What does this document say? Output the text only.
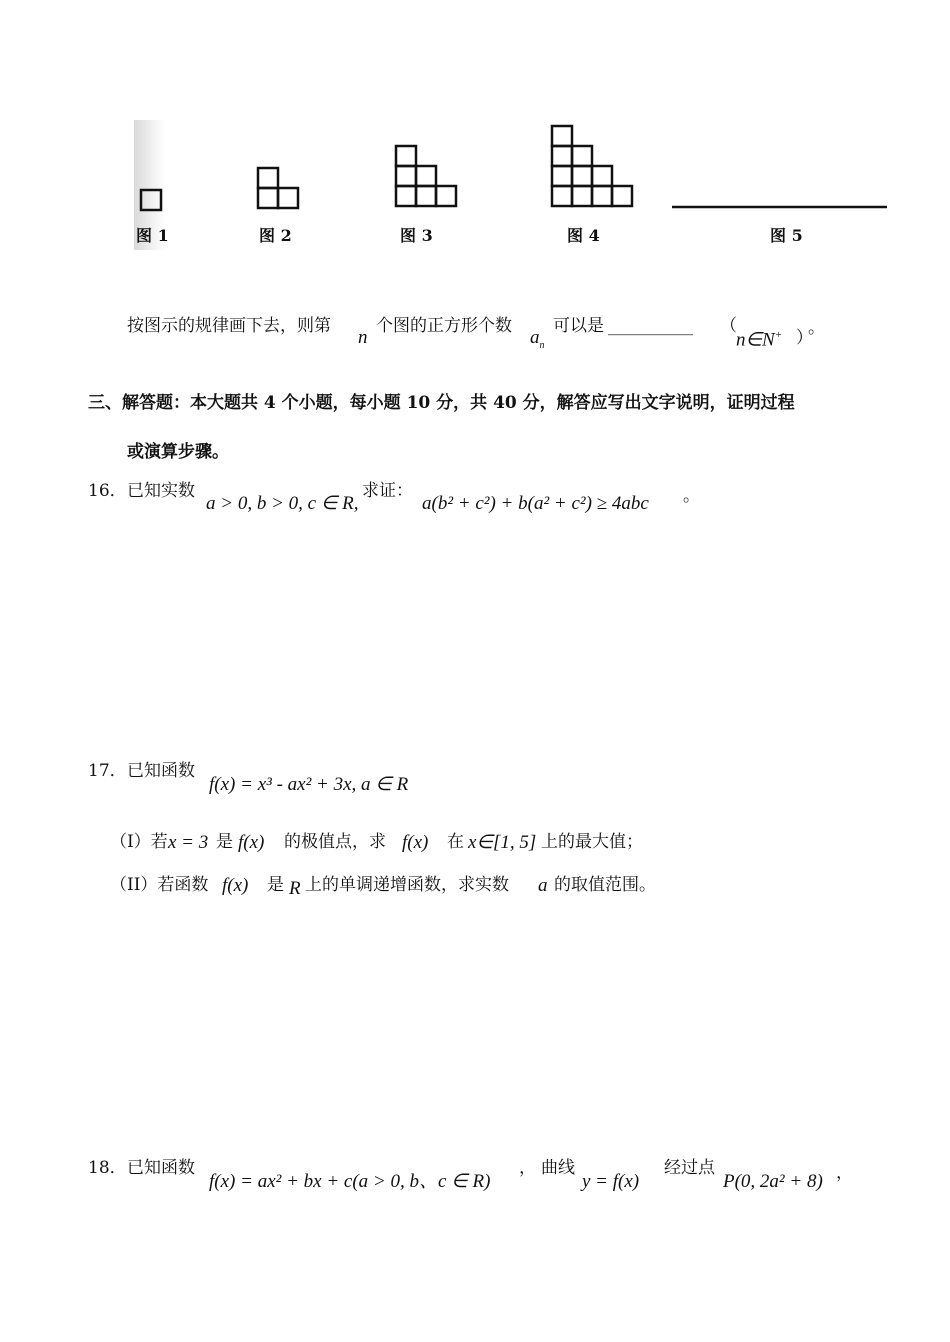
图 1	图 2	图 3	图 4	图 5
按图示的规律画下去，则第
n
个图的正方形个数
$a_n$
可以是 __________ （
n∈N+ ）
。
三、解答题：本大题共 4 个小题，每小题 10 分，共 40 分，解答应写出文字说明，证明过程
或演算步骤。
16． 已知实数
a > 0, b > 0, c ∈ R,
求证：
a(b² + c²) + b(a² + c²) ≥ 4abc 。
17． 已知函数
f(x) = x³ - ax² + 3x, a ∈ R
（I）若 x = 3 是 f(x) 的极值点，求 f(x) 在 x∈[1, 5] 上的最大值；
（II）若函数 f(x) 是 R 上的单调递增函数，求实数 a 的取值范围。
18． 已知函数
f(x) = ax² + bx + c(a > 0, b、c ∈ R)
， 曲线
y = f(x)
经过点
P(0, 2a² + 8) ，
